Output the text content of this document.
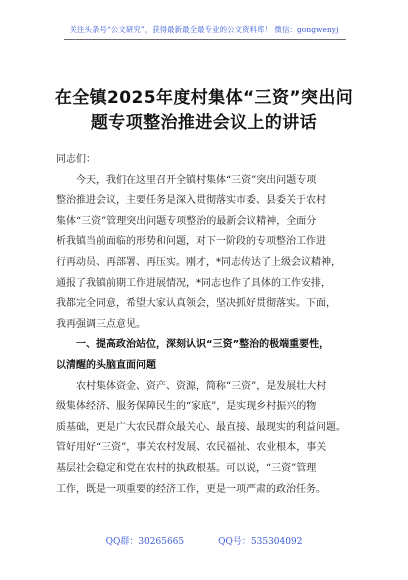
关注头条号“公文研究”，获得最新最全最专业的公文资料库！ 微信：gongwenyj
在全镇2025年度村集体“三资”突出问
题专项整治推进会议上的讲话
同志们：
今天，我们在这里召开全镇村集体“三资”突出问题专项
整治推进会议，主要任务是深入贯彻落实市委、县委关于农村
集体“三资”管理突出问题专项整治的最新会议精神，全面分
析我镇当前面临的形势和问题，对下一阶段的专项整治工作进
行再动员、再部署、再压实。刚才，*同志传达了上级会议精神，
通报了我镇前期工作进展情况，*同志也作了具体的工作安排，
我都完全同意，希望大家认真领会，坚决抓好贯彻落实。下面，
我再强调三点意见。
一、提高政治站位，深刻认识“三资”整治的极端重要性，
以清醒的头脑直面问题
农村集体资金、资产、资源，简称“三资”，是发展壮大村
级集体经济、服务保障民生的“家底”，是实现乡村振兴的物
质基础，更是广大农民群众最关心、最直接、最现实的利益问题。
管好用好“三资”，事关农村发展、农民福祉、农业根本，事关
基层社会稳定和党在农村的执政根基。可以说，“三资”管理
工作，既是一项重要的经济工作，更是一项严肃的政治任务。
QQ群：30265665	QQ号：535304092
